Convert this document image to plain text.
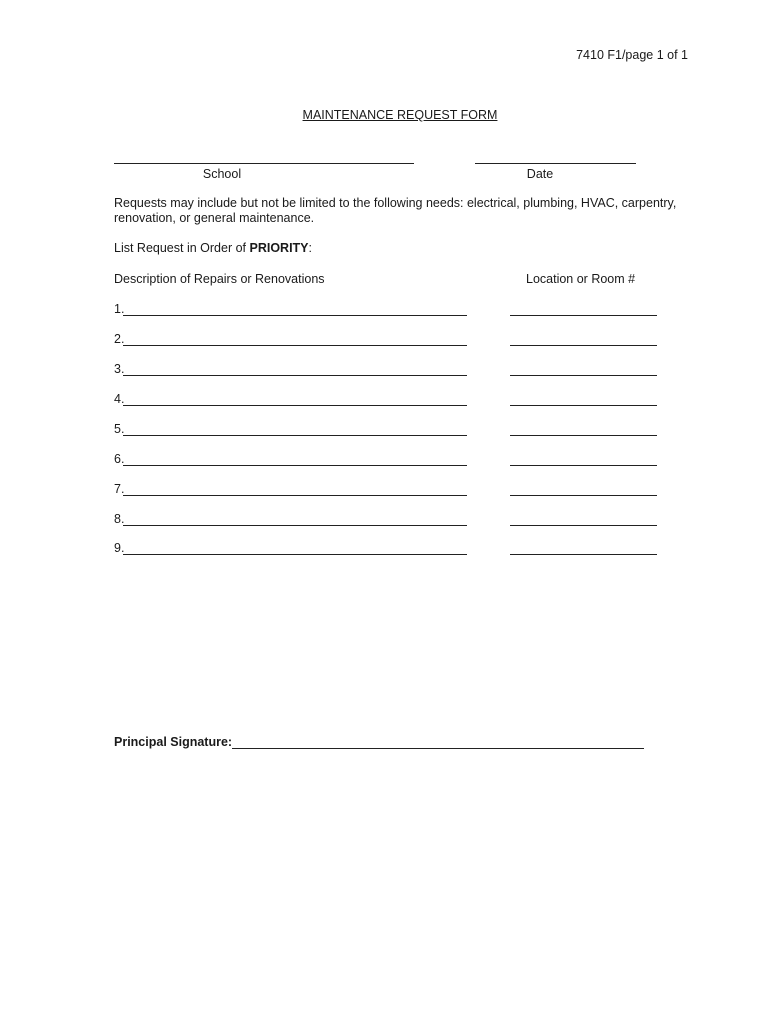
7410 F1/page 1 of 1
MAINTENANCE REQUEST FORM
School	Date
Requests may include but not be limited to the following needs: electrical, plumbing, HVAC, carpentry, renovation, or general maintenance.
List Request in Order of PRIORITY:
Description of Repairs or Renovations	Location or Room #
1.
2.
3.
4.
5.
6.
7.
8.
9.
Principal Signature:
